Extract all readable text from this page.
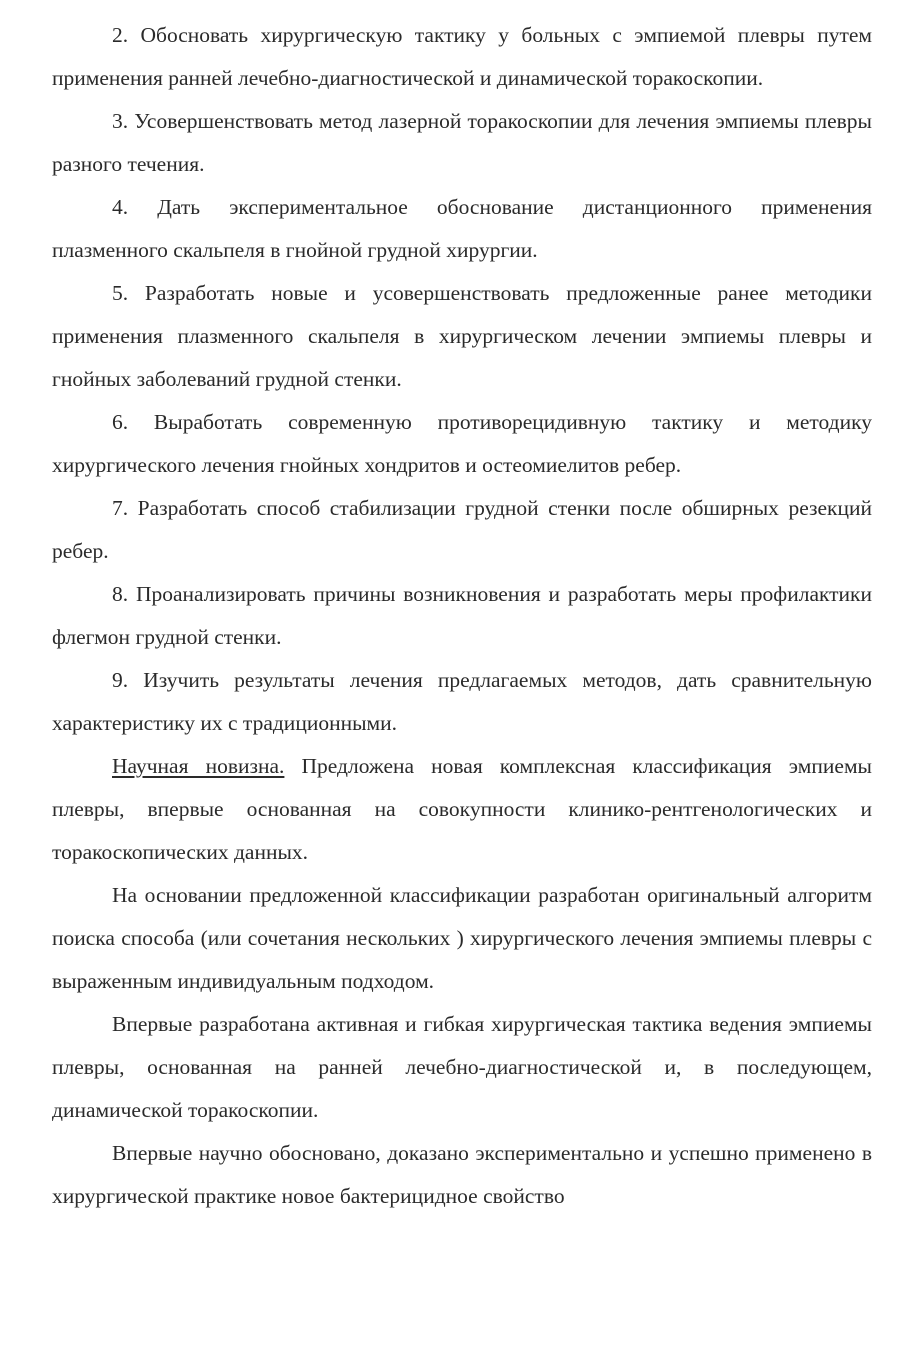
2. Обосновать хирургическую тактику у больных с эмпиемой плевры путем применения ранней лечебно-диагностической и динамической торакоскопии.

3. Усовершенствовать метод лазерной торакоскопии для лечения эмпиемы плевры разного течения.

4. Дать экспериментальное обоснование дистанционного применения плазменного скальпеля в гнойной грудной хирургии.

5. Разработать новые и усовершенствовать предложенные ранее методики применения плазменного скальпеля в хирургическом лечении эмпиемы плевры и гнойных заболеваний грудной стенки.

6. Выработать современную противорецидивную тактику и методику хирургического лечения гнойных хондритов и остеомиелитов ребер.

7. Разработать способ стабилизации грудной стенки после обширных резекций ребер.

8. Проанализировать причины возникновения и разработать меры профилактики флегмон грудной стенки.

9. Изучить результаты лечения предлагаемых методов, дать сравнительную характеристику их с традиционными.

Научная новизна. Предложена новая комплексная классификация эмпиемы плевры, впервые основанная на совокупности клинико-рентгенологических и торакоскопических данных.

На основании предложенной классификации разработан оригинальный алгоритм поиска способа (или сочетания нескольких ) хирургического лечения эмпиемы плевры с выраженным индивидуальным подходом.

Впервые разработана активная и гибкая хирургическая тактика ведения эмпиемы плевры, основанная на ранней лечебно-диагностической и, в последующем, динамической торакоскопии.

Впервые научно обосновано, доказано экспериментально и успешно применено в хирургической практике новое бактерицидное свойство
